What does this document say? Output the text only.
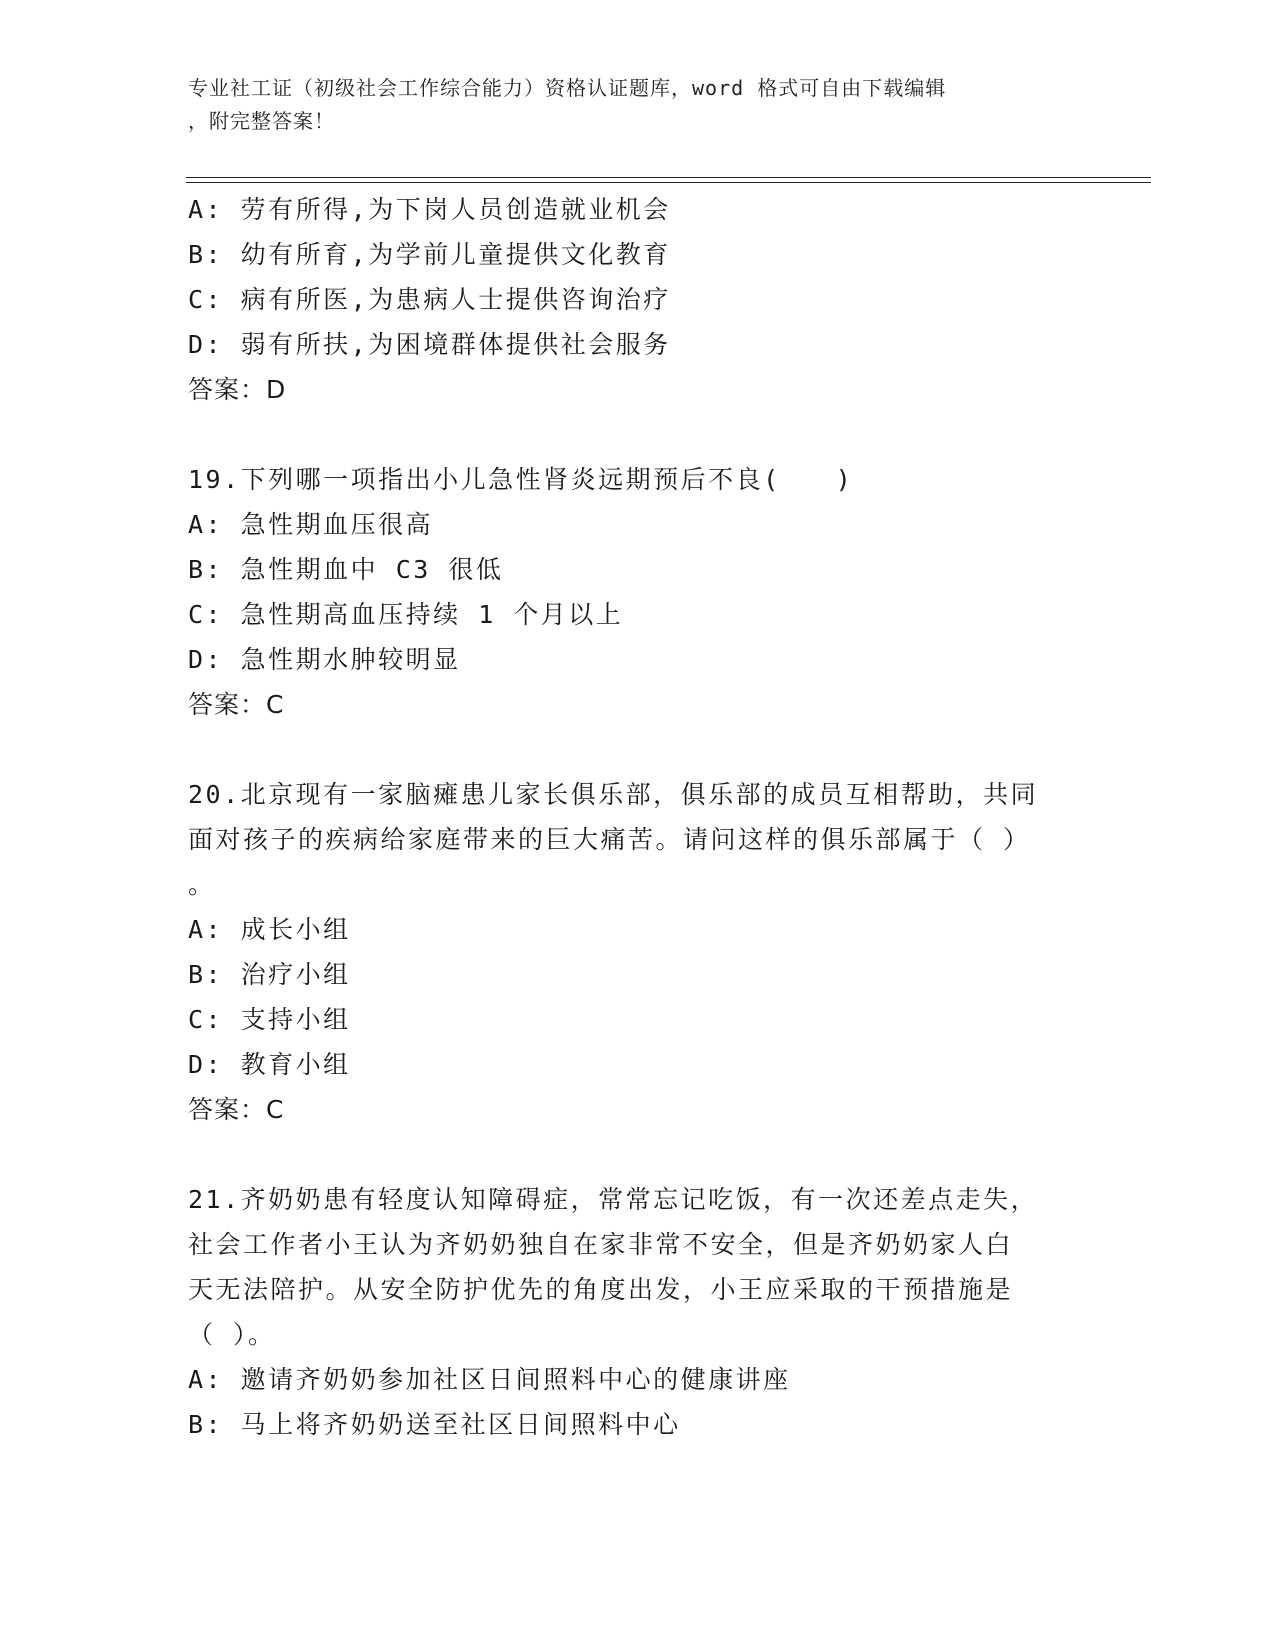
专业社工证（初级社会工作综合能力）资格认证题库，word 格式可自由下载编辑
，附完整答案！
A: 劳有所得,为下岗人员创造就业机会
B: 幼有所育,为学前儿童提供文化教育
C: 病有所医,为患病人士提供咨询治疗
D: 弱有所扶,为困境群体提供社会服务
答案：D
19.下列哪一项指出小儿急性肾炎远期预后不良(　　)
A: 急性期血压很高
B: 急性期血中 C3 很低
C: 急性期高血压持续 1 个月以上
D: 急性期水肿较明显
答案：C
20.北京现有一家脑瘫患儿家长俱乐部，俱乐部的成员互相帮助，共同
面对孩子的疾病给家庭带来的巨大痛苦。请问这样的俱乐部属于（ ）
。
A: 成长小组
B: 治疗小组
C: 支持小组
D: 教育小组
答案：C
21.齐奶奶患有轻度认知障碍症，常常忘记吃饭，有一次还差点走失，
社会工作者小王认为齐奶奶独自在家非常不安全，但是齐奶奶家人白
天无法陪护。从安全防护优先的角度出发，小王应采取的干预措施是
（ ）。
A: 邀请齐奶奶参加社区日间照料中心的健康讲座
B: 马上将齐奶奶送至社区日间照料中心
